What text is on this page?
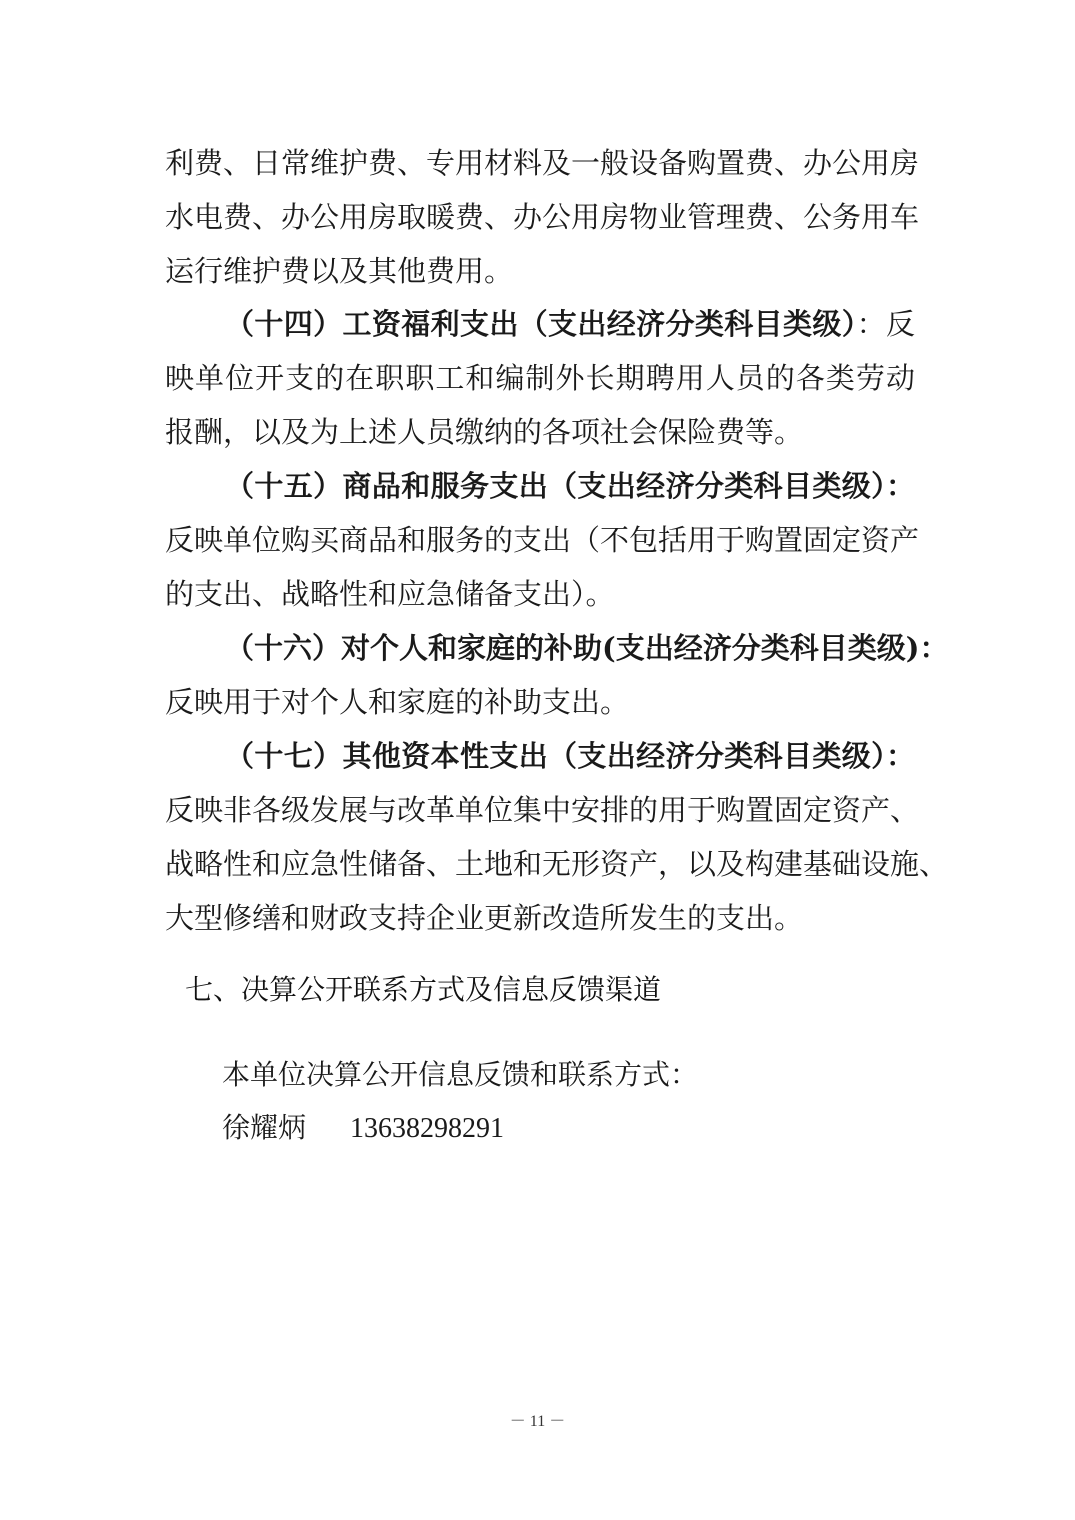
利费、日常维护费、专用材料及一般设备购置费、办公用房
水电费、办公用房取暖费、办公用房物业管理费、公务用车
运行维护费以及其他费用。
（十四）工资福利支出（支出经济分类科目类级）：反
映单位开支的在职职工和编制外长期聘用人员的各类劳动
报酬，以及为上述人员缴纳的各项社会保险费等。
（十五）商品和服务支出（支出经济分类科目类级）：
反映单位购买商品和服务的支出（不包括用于购置固定资产
的支出、战略性和应急储备支出）。
（十六）对个人和家庭的补助(支出经济分类科目类级)：
反映用于对个人和家庭的补助支出。
（十七）其他资本性支出（支出经济分类科目类级）：
反映非各级发展与改革单位集中安排的用于购置固定资产、
战略性和应急性储备、土地和无形资产，以及构建基础设施、
大型修缮和财政支持企业更新改造所发生的支出。
七、决算公开联系方式及信息反馈渠道
本单位决算公开信息反馈和联系方式：
徐耀炳 13638298291
－ 11 －
